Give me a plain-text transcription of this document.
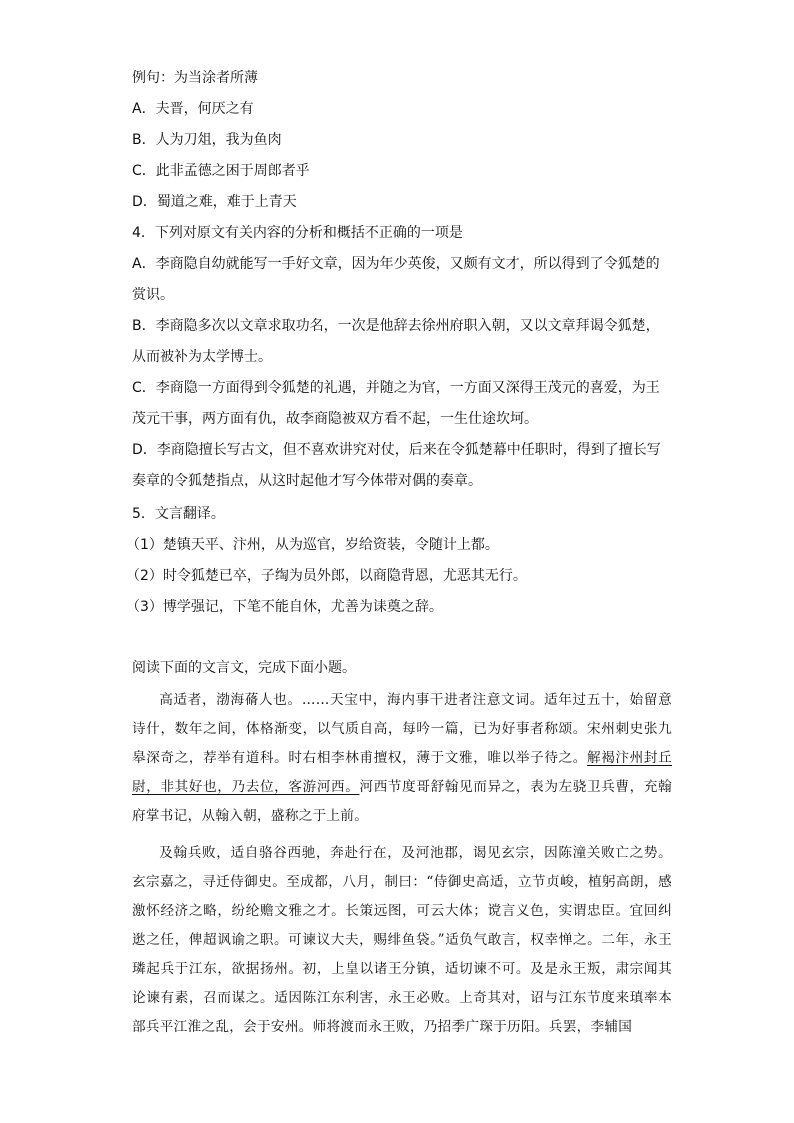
例句：为当涂者所薄

A．夫晋，何厌之有

B．人为刀俎，我为鱼肉

C．此非孟德之困于周郎者乎

D．蜀道之难，难于上青天

4．下列对原文有关内容的分析和概括不正确的一项是

A．李商隐自幼就能写一手好文章，因为年少英俊，又颇有文才，所以得到了令狐楚的

赏识。

B．李商隐多次以文章求取功名，一次是他辞去徐州府职入朝，又以文章拜谒令狐楚，

从而被补为太学博士。

C．李商隐一方面得到令狐楚的礼遇，并随之为官，一方面又深得王茂元的喜爱，为王

茂元干事，两方面有仇，故李商隐被双方看不起，一生仕途坎坷。

D．李商隐擅长写古文，但不喜欢讲究对仗，后来在令狐楚幕中任职时，得到了擅长写

奏章的令狐楚指点，从这时起他才写今体带对偶的奏章。

5．文言翻译。

（1）楚镇天平、汴州，从为巡官，岁给资装，令随计上都。

（2）时令狐楚已卒，子绹为员外郎，以商隐背恩，尤恶其无行。

（3）博学强记，下笔不能自休，尤善为诔奠之辞。

阅读下面的文言文，完成下面小题。

高适者，渤海蓨人也。……天宝中，海内事干进者注意文词。适年过五十，始留意诗什，数年之间，体格渐变，以气质自高，每吟一篇，已为好事者称颂。宋州刺史张九皋深奇之，荐举有道科。时右相李林甫擅权，薄于文雅，唯以举子待之。解褐汴州封丘尉，非其好也，乃去位，客游河西。河西节度哥舒翰见而异之，表为左骁卫兵曹，充翰府掌书记，从翰入朝，盛称之于上前。

及翰兵败，适自骆谷西驰，奔赴行在，及河池郡，谒见玄宗，因陈潼关败亡之势。玄宗嘉之，寻迁侍御史。至成都，八月，制曰：“侍御史高适，立节贞峻，植躬高朗，感激怀经济之略，纷纶赡文雅之才。长策远图，可云大体；谠言义色，实谓忠臣。宜回纠逖之任，俾超讽谕之职。可谏议大夫，赐绯鱼袋。”适负气敢言，权幸惮之。二年，永王璘起兵于江东，欲据扬州。初，上皇以诸王分镇，适切谏不可。及是永王叛，肃宗闻其论谏有素，召而谋之。适因陈江东利害，永王必败。上奇其对，诏与江东节度来瑱率本部兵平江淮之乱，会于安州。师将渡而永王败，乃招季广琛于历阳。兵罢，李辅国
